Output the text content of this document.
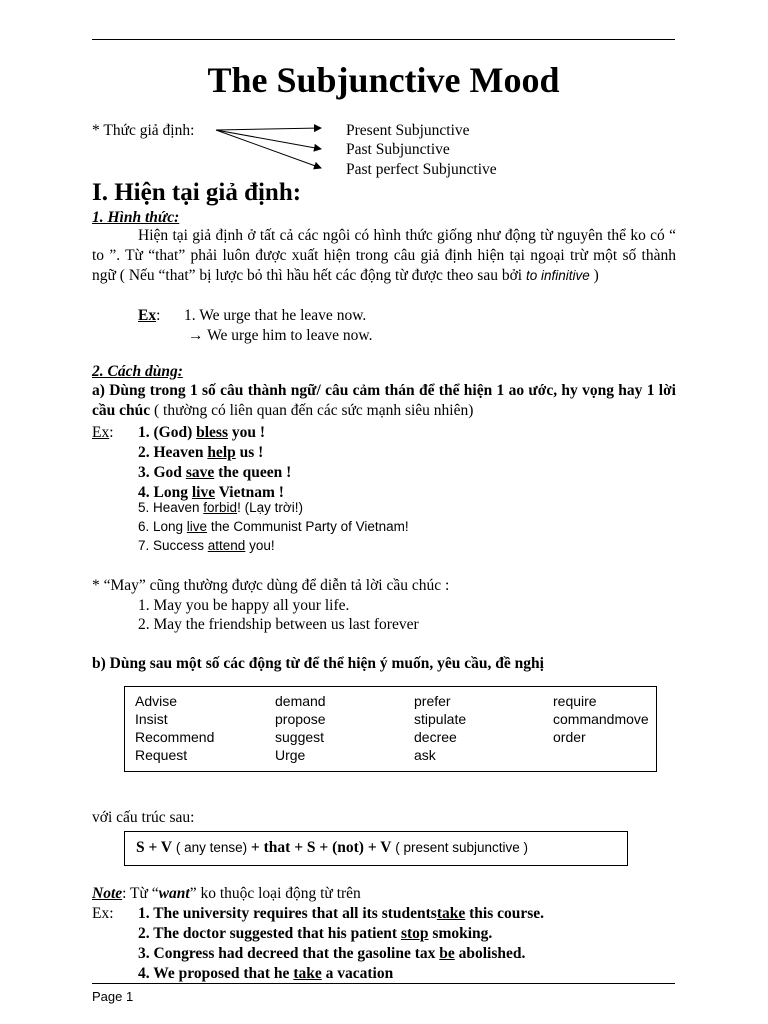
The Subjunctive Mood
* Thức giả định:	Present Subjunctive
Past Subjunctive
Past perfect Subjunctive
I. Hiện tại giả định:
1. Hình thức:
Hiện tại giả định ở tất cả các ngôi có hình thức giống như động từ nguyên thể ko có “ to ”. Từ “that” phải luôn được xuất hiện trong câu giả định hiện tại ngoại trừ một số thành ngữ ( Nếu “that” bị lược bỏ thì hầu hết các động từ được theo sau bởi to infinitive )
Ex: 1. We urge that he leave now.
→ We urge him to leave now.
2. Cách dùng:
a) Dùng trong 1 số câu thành ngữ/ câu cảm thán để thể hiện 1 ao ước, hy vọng hay 1 lời cầu chúc ( thường có liên quan đến các sức mạnh siêu nhiên)
Ex: 1. (God) bless you !
2. Heaven help us !
3. God save the queen !
4. Long live Vietnam !
5. Heaven forbid! (Lạy trời!)
6. Long live the Communist Party of Vietnam!
7. Success attend you!
* “May” cũng thường được dùng để diễn tả lời cầu chúc :
1. May you be happy all your life.
2. May the friendship between us last forever
b) Dùng sau một số các động từ để thể hiện ý muốn, yêu cầu, đề nghị
Advise	demand	prefer	require
Insist	propose	stipulate	commandmove
Recommend	suggest	decree	order
Request	Urge	ask	
với cấu trúc sau:
S + V ( any tense) + that + S + (not) + V ( present subjunctive )
Note: Từ “want” ko thuộc loại động từ trên
Ex: 1. The university requires that all its studentstake this course.
2. The doctor suggested that his patient stop smoking.
3. Congress had decreed that the gasoline tax be abolished.
4. We proposed that he take a vacation
Page 1
